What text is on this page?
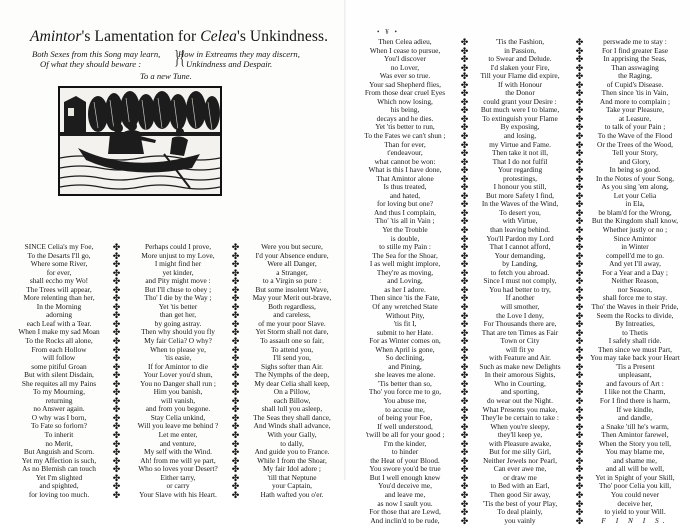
Amintor's Lamentation for Celea's Unkindness.
Both Sexes from this Song may learn,
Of what they should beware : }{
How in Extreams they may discern,
Unkindness and Despair.
To a new Tune.
SINCE Celia's my Foe,
To the Desarts I'll go,
Where some River,
for ever,
shall eccho my Wo!
The Trees will appear,
More relenting than her,
In the Morning
adorning
each Leaf with a Tear.
When I make my sad Moan
To the Rocks all alone,
From each Hollow
will follow
some pitiful Groan
But with silent Disdain,
She requites all my Pains
To my Mourning,
returning
no Answer again.
O why was I born,
To Fate so forlorn?
To inherit
no Merit,
But Anguish and Scorn.
Yet my Affection is such,
As no Blemish can touch
Yet I'm slighted
and spighted,
for loving too much.
✤
✤
✤
✤
✤
✤
✤
✤
✤
✤
✤
✤
✤
✤
✤
✤
✤
✤
✤
✤
✤
✤
✤
✤
✤
✤
✤
✤
✤
✤
Perhaps could I prove,
More unjust to my Love,
I might find her
yet kinder,
and Pity might move :
But I'll chuse to obey ;
Tho' I die by the Way ;
Yet 'tis better
than get her,
by going astray.
Then why should you fly
My fair Celia? O why?
When to please ye,
'tis easie,
If for Amintor to die
Your Lover you'd shun,
You no Danger shall run ;
Him you banish,
will vanish,
and from you begone.
Stay Celia unkind,
Will you leave me behind ?
Let me enter,
and venture,
My self with the Wind.
Ah! from me will ye part,
Who so loves your Desert?
Either tarry,
or carry
Your Slave with his Heart.
✤
✤
✤
✤
✤
✤
✤
✤
✤
✤
✤
✤
✤
✤
✤
✤
✤
✤
✤
✤
✤
✤
✤
✤
✤
✤
✤
✤
✤
✤
Were you but secure,
I'd your Absence endure,
Were all Danger,
a Stranger,
to a Virgin so pure :
But some insolent Wave,
May your Merit out-brave,
Both regardless,
and careless,
of me your poor Slave.
Yet Storm shall not dare,
To assault one so fair,
To attend you,
I'll send you,
Sighs softer than Air.
The Nymphs of the deep,
My dear Celia shall keep,
On a Pillow,
each Billow,
shall lull you asleep,
The Seas they shall dance,
And Winds shall advance,
With your Gally,
to dally,
And guide you to France.
While I from the Shoar,
My fair Idol adore ;
'till that Neptune
your Captain,
Hath wafted you o'er.
• ¥ •
Then Celea adieu,
When I cease to pursue,
You'l discover
no Lover,
Was ever so true.
Your sad Shepherd flies,
From those dear cruel Eyes
Which now losing,
his being,
decays and he dies.
Yet 'tis better to run,
To the Fates we can't shun ;
Than for ever,
t'endeavour,
what cannot be won:
What is this I have done,
That Amintor alone
Is thus treated,
and hated,
for loving but one?
And thus I complain,
Tho' 'tis all in Vain ;
Yet the Trouble
is double,
to stille my Pain :
The Sea for the Shoar,
I as well might implore,
They're as moving,
and Loving,
as her I adore.
Then since 'tis the Fate,
Of any wretched State
Without Pity,
'tis fit I,
submit to her Hate.
For as Winter comes on,
When April is gone,
So declining,
and Pining,
she leaves me alone.
'Tis better than so,
Tho' you force me to go,
You abuse me,
to accuse me,
of being your Foe,
If well understood,
'twill be all for your good ;
I'm the kinder,
to hinder
the Heat of your Blood.
You swore you'd be true
But I well enough knew
You'd deceive me,
and leave me,
as now I sault you.
For those that are Lewd,
And inclin'd to be rude,
✤
✤
✤
✤
✤
✤
✤
✤
✤
✤
✤
✤
✤
✤
✤
✤
✤
✤
✤
✤
✤
✤
✤
✤
✤
✤
✤
✤
✤
✤
✤
✤
✤
✤
✤
✤
✤
✤
✤
✤
✤
✤
✤
✤
✤
✤
✤
✤
✤
✤
✤
✤
✤
✤
✤
✤
✤
'Tis the Fashion,
in Passion,
to Swear and Delude.
I'd slaken your Fire,
Till your Flame did expire,
If with Honour
the Donor
could grant your Desire :
But much were I to blame,
To extinguish your Flame
By exposing,
and losing,
my Virtue and Fame.
Then take it not ill,
That I do not fulfil
Your regarding
protestings,
I honour you still,
But more Safety I find,
In the Waves of the Wind,
To desert you,
with Virtue,
than leaving behind.
You'll Pardon my Lord
That I cannot afford,
Your demanding,
by Landing,
to fetch you abroad.
Since I must not comply,
You had better to try,
If another
will smother,
the Love I deny,
For Thousands there are,
That are ten Times as Fair
Town or City
will fit ye
with Feature and Air.
Such as make new Delights
In their amorous Sights,
Who in Courting,
and sporting,
do wear out the Night.
What Presents you make,
They'le be certain to take :
When you're sleepy,
they'll keep ye,
with Pleasure awake,
But for me silly Girl,
Neither Jewels nor Pearl,
Can ever awe me,
or draw me
to Bed with an Earl,
Then good Sir away,
'Tis the best of your Play,
To deal plainly,
you vainly
✤
✤
✤
✤
✤
✤
✤
✤
✤
✤
✤
✤
✤
✤
✤
✤
✤
✤
✤
✤
✤
✤
✤
✤
✤
✤
✤
✤
✤
✤
✤
✤
✤
✤
✤
✤
✤
✤
✤
✤
✤
✤
✤
✤
✤
✤
✤
✤
✤
✤
✤
✤
✤
✤
✤
✤
✤
perswade me to stay :
For I find greater Ease
In apprising the Seas,
Than asswaging
the Raging,
of Cupid's Disease.
Then since 'tis in Vain,
And more to complain ;
Take your Pleasure,
at Leasure,
to talk of your Pain ;
To the Wave of the Flood
Or the Trees of the Wood,
Tell your Story,
and Glory,
In being so good.
In the Notes of your Song,
As you sing 'em along,
Let your Celia
in Ela,
be blam'd for the Wrong,
But the Kingdom shall know,
Whether justly or no ;
Since Amintor
in Winter
compell'd me to go.
And yet I'll away,
For a Year and a Day ;
Neither Reason,
nor Season,
shall force me to stay.
Tho' the Waves in their Pride,
Seem the Rocks to divide,
By Intreaties,
to Thetis
I safely shall ride.
Then since we must Part,
You may take back your Heart
'Tis a Present
unpleasant,
and favours of Art :
I like not the Charm,
For I find there is harm,
If we kindle,
and dandle,
a Snake 'till he's warm,
Then Amintor farewel,
When the Story you tell,
You may blame me,
and shame me,
and all will be well,
Yet in Spight of your Skill,
Tho' poor Celia you kill,
You could never
deceive her,
to yield to your Will.
F I N I S.
